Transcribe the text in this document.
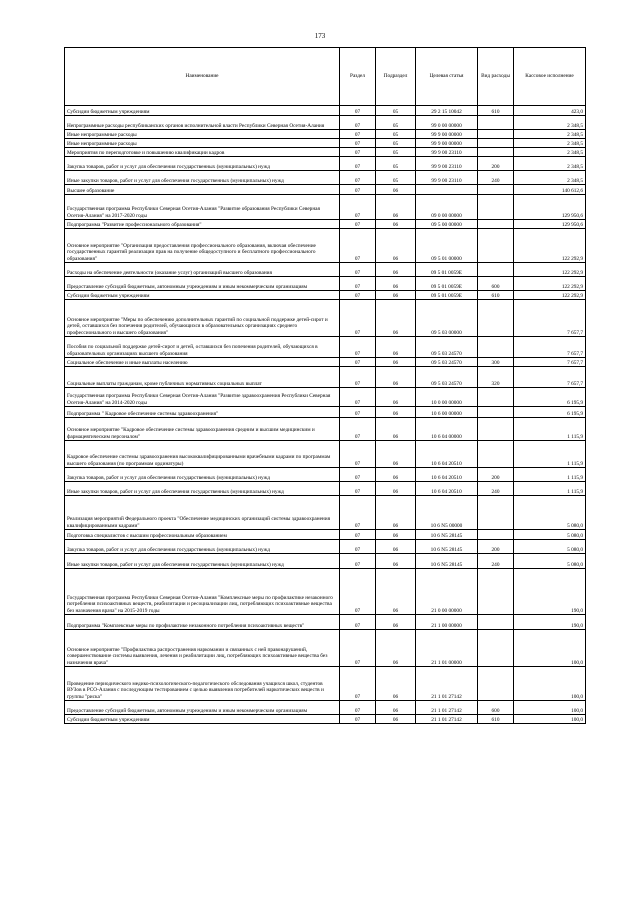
173
Наименование	Раздел	Подраздел	Целевая статья	Вид расходы	Кассовое исполнение
Субсидии бюджетным учреждениям	07	05	29 2 15 10042	610	423,0
Непрограммные расходы республиканских органов исполнительной власти Республики Северная Осетия-Алания	07	05	99 0 00 00000		2 348,5
Иные непрограммные расходы	07	05	99 9 00 00000		2 348,5
Иные непрограммные расходы	07	05	99 9 00 00000		2 348,5
Мероприятия по переподготовке и повышению квалификации кадров	07	05	99 9 00 23110		2 348,5
Закупка товаров, работ и услуг для обеспечения государственных (муниципальных) нужд	07	05	99 9 00 23110	200	2 348,5
Иные закупки товаров, работ и услуг для обеспечения государственных (муниципальных) нужд	07	05	99 9 00 23110	240	2 348,5
Высшее образование	07	06			140 612,6
Государственная программа Республики Северная Осетия-Алания "Развитие образования Республики Северная Осетия-Алания" на 2017-2020 годы	07	06	09 0 00 00000		129 950,6
Подпрограмма "Развитие профессионального образования"	07	06	09 5 00 00000		129 950,6
Основное мероприятие "Организация предоставления профессионального образования, включая обеспечение государственных гарантий реализации прав на получение общедоступного и бесплатного профессионального образования"	07	06	09 5 01 00000		122 292,9
Расходы на обеспечение деятельности (оказание услуг) организаций высшего образования	07	06	09 5 01 0059Е		122 292,9
Предоставление субсидий бюджетным, автономным учреждениям и иным некоммерческим организациям	07	06	09 5 01 0059Е	600	122 292,9
Субсидии бюджетным учреждениям	07	06	09 5 01 0059Е	610	122 292,9
Основное мероприятие "Меры по обеспечению дополнительных гарантий по социальной поддержке детей-сирот и детей, оставшихся без попечения родителей, обучающихся в образовательных организациях среднего профессионального и высшего образования"	07	06	09 5 03 00000		7 657,7
Пособия по социальной поддержке детей-сирот и детей, оставшихся без попечения родителей, обучающихся в образовательных организациях высшего образования	07	06	09 5 03 24570		7 657,7
Социальное обеспечение и иные выплаты населению	07	06	09 5 03 24570	300	7 657,7
Социальные выплаты гражданам, кроме публичных нормативных социальных выплат	07	06	09 5 03 24570	320	7 657,7
Государственная программа Республики Северная Осетия-Алания "Развитие здравоохранения Республики Северная Осетия-Алания" на 2014-2020 годы	07	06	10 0 00 00000		6 195,9
Подпрограмма " Кадровое обеспечение системы здравоохранения"	07	06	10 6 00 00000		6 195,9
Основное мероприятие "Кадровое обеспечение системы здравоохранения средним и высшим медицинским и фармацевтическим персоналом"	07	06	10 6 04 00000		1 115,9
Кадровое обеспечение системы здравоохранения высококвалифицированными врачебными кадрами по программам высшего образования (по программам ординатуры)	07	06	10 6 04 20510		1 115,9
Закупка товаров, работ и услуг для обеспечения государственных (муниципальных) нужд	07	06	10 6 04 20510	200	1 115,9
Иные закупки товаров, работ и услуг для обеспечения государственных (муниципальных) нужд	07	06	10 6 04 20510	240	1 115,9
Реализация мероприятий Федерального проекта "Обеспечение медицинских организаций системы здравоохранения квалифицированными кадрами"	07	06	10 6 N5 00000		5 080,0
Подготовка специалистов с высшим профессиональным образованием	07	06	10 6 N5 28145		5 080,0
Закупка товаров, работ и услуг для обеспечения государственных (муниципальных) нужд	07	06	10 6 N5 28145	200	5 080,0
Иные закупки товаров, работ и услуг для обеспечения государственных (муниципальных) нужд	07	06	10 6 N5 28145	240	5 080,0
Государственная программа Республики Северная Осетия-Алания "Комплексные меры по профилактике незаконного потребления психоактивных веществ, реабилитации и ресоциализации лиц, потребляющих психоактивные вещества без назначения врача" на 2015-2019 годы	07	06	21 0 00 00000		190,0
Подпрограмма "Комплексные меры по профилактике незаконного потребления психоактивных веществ"	07	06	21 1 00 00000		190,0
Основное мероприятие "Профилактика распространения наркомании и связанных с ней правонарушений, совершенствование системы выявления, лечения и реабилитации лиц, потребляющих психоактивные вещества без назначения врача"	07	06	21 1 01 00000		100,0
Проведение периодического медико-психологического-педагогического обследования учащихся школ, студентов ВУЗов в РСО-Алания с последующим тестированием с целью выявления потребителей наркотических веществ и группы "риска"	07	06	21 1 01 27142		100,0
Предоставление субсидий бюджетным, автономным учреждениям и иным некоммерческим организациям	07	06	21 1 01 27142	600	100,0
Субсидии бюджетным учреждениям	07	06	21 1 01 27142	610	100,0
